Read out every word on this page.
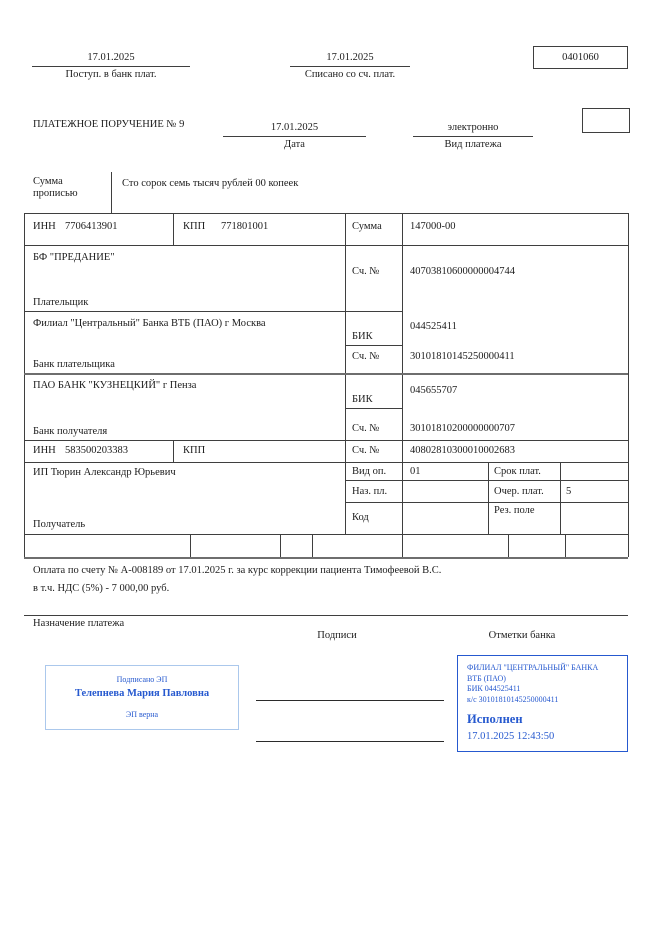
17.01.2025
Поступ. в банк плат.
17.01.2025
Списано со сч. плат.
0401060
ПЛАТЕЖНОЕ ПОРУЧЕНИЕ № 9	17.01.2025
Дата
электронно
Вид платежа
Сумма прописью
Сто сорок семь тысяч рублей 00 копеек
ИНН 7706413901	КПП 771801001	Сумма	147000-00
БФ "ПРЕДАНИЕ"
Плательщик
Сч. №	40703810600000004744
Филиал "Центральный" Банка ВТБ (ПАО) г Москва
Банк плательщика
БИК
044525411
Сч. №	30101810145250000411
ПАО БАНК "КУЗНЕЦКИЙ" г Пенза
Банк получателя
БИК
045655707
Сч. №	30101810200000000707
ИНН 583500203383	КПП	Сч. №	40802810300010002683
ИП Тюрин Александр Юрьевич
Получатель
Вид оп. 01	Срок плат.
Наз. пл.	Очер. плат. 5
Код
Рез. поле
Оплата по счету № А-008189 от 17.01.2025 г. за курс коррекции пациента Тимофеевой В.С.
в т.ч. НДС (5%) - 7 000,00 руб.
Назначение платежа
Подписи	Отметки банка
Подписано ЭП
Телепнева Мария Павловна
ЭП верна
ФИЛИАЛ "ЦЕНТРАЛЬНЫЙ" БАНКА
ВТБ (ПАО)
БИК 044525411
к/с 30101810145250000411
Исполнен
17.01.2025 12:43:50
